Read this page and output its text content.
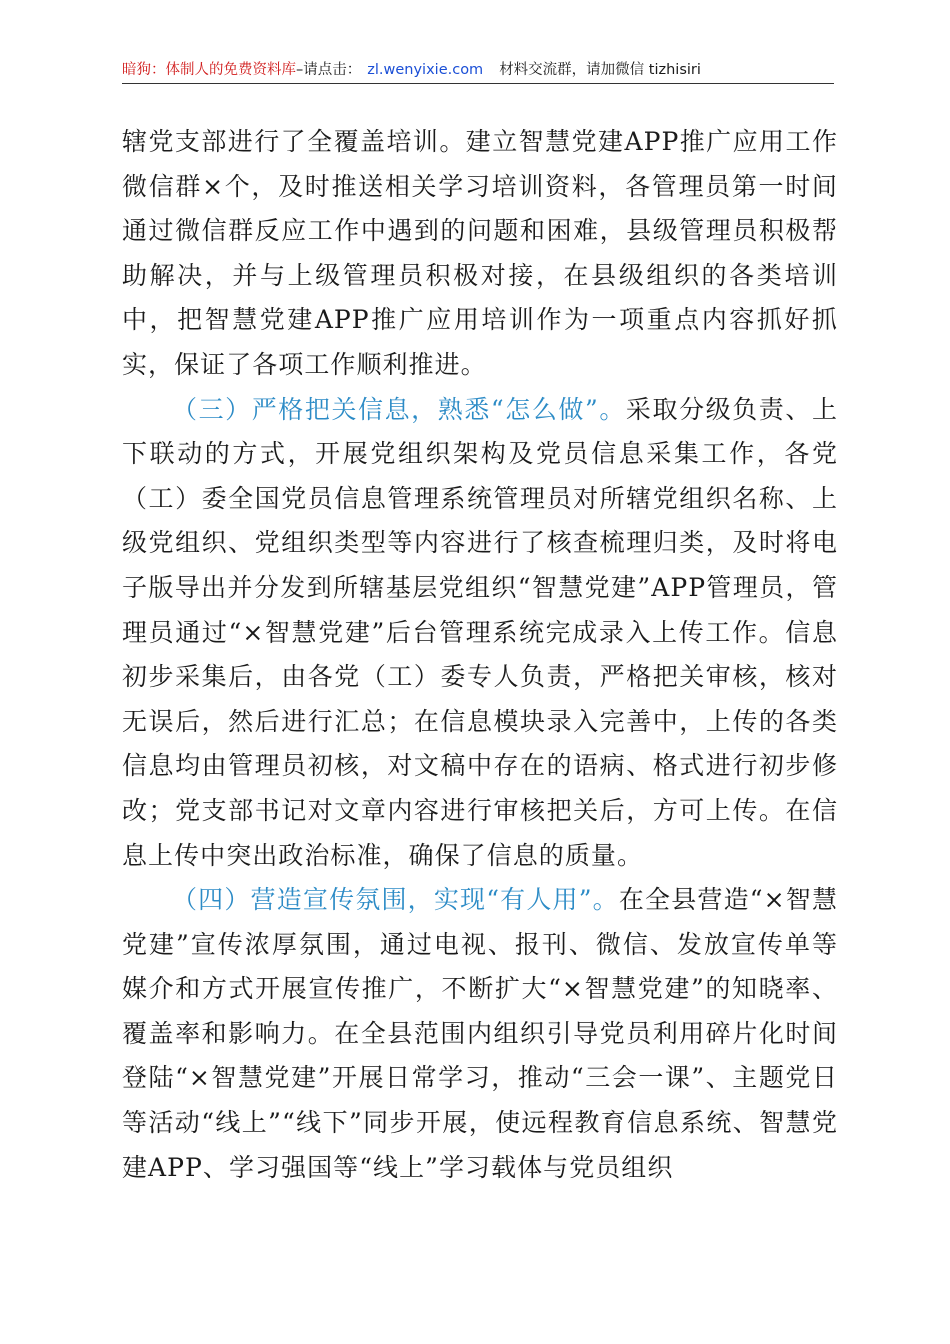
暗狗：体制人的免费资料库–请点击： zl.wenyixie.com 材料交流群，请加微信 tizhisiri

辖党支部进行了全覆盖培训。建立智慧党建APP推广应用工作微信群×个，及时推送相关学习培训资料，各管理员第一时间通过微信群反应工作中遇到的问题和困难，县级管理员积极帮助解决，并与上级管理员积极对接，在县级组织的各类培训中，把智慧党建APP推广应用培训作为一项重点内容抓好抓实，保证了各项工作顺利推进。

（三）严格把关信息，熟悉“怎么做”。采取分级负责、上下联动的方式，开展党组织架构及党员信息采集工作，各党（工）委全国党员信息管理系统管理员对所辖党组织名称、上级党组织、党组织类型等内容进行了核查梳理归类，及时将电子版导出并分发到所辖基层党组织“智慧党建”APP管理员，管理员通过“×智慧党建”后台管理系统完成录入上传工作。信息初步采集后，由各党（工）委专人负责，严格把关审核，核对无误后，然后进行汇总；在信息模块录入完善中，上传的各类信息均由管理员初核，对文稿中存在的语病、格式进行初步修改；党支部书记对文章内容进行审核把关后，方可上传。在信息上传中突出政治标准，确保了信息的质量。

（四）营造宣传氛围，实现“有人用”。在全县营造“×智慧党建”宣传浓厚氛围，通过电视、报刊、微信、发放宣传单等媒介和方式开展宣传推广，不断扩大“×智慧党建”的知晓率、覆盖率和影响力。在全县范围内组织引导党员利用碎片化时间登陆“×智慧党建”开展日常学习，推动“三会一课”、主题党日等活动“线上”“线下”同步开展，使远程教育信息系统、智慧党建APP、学习强国等“线上”学习载体与党员组织
